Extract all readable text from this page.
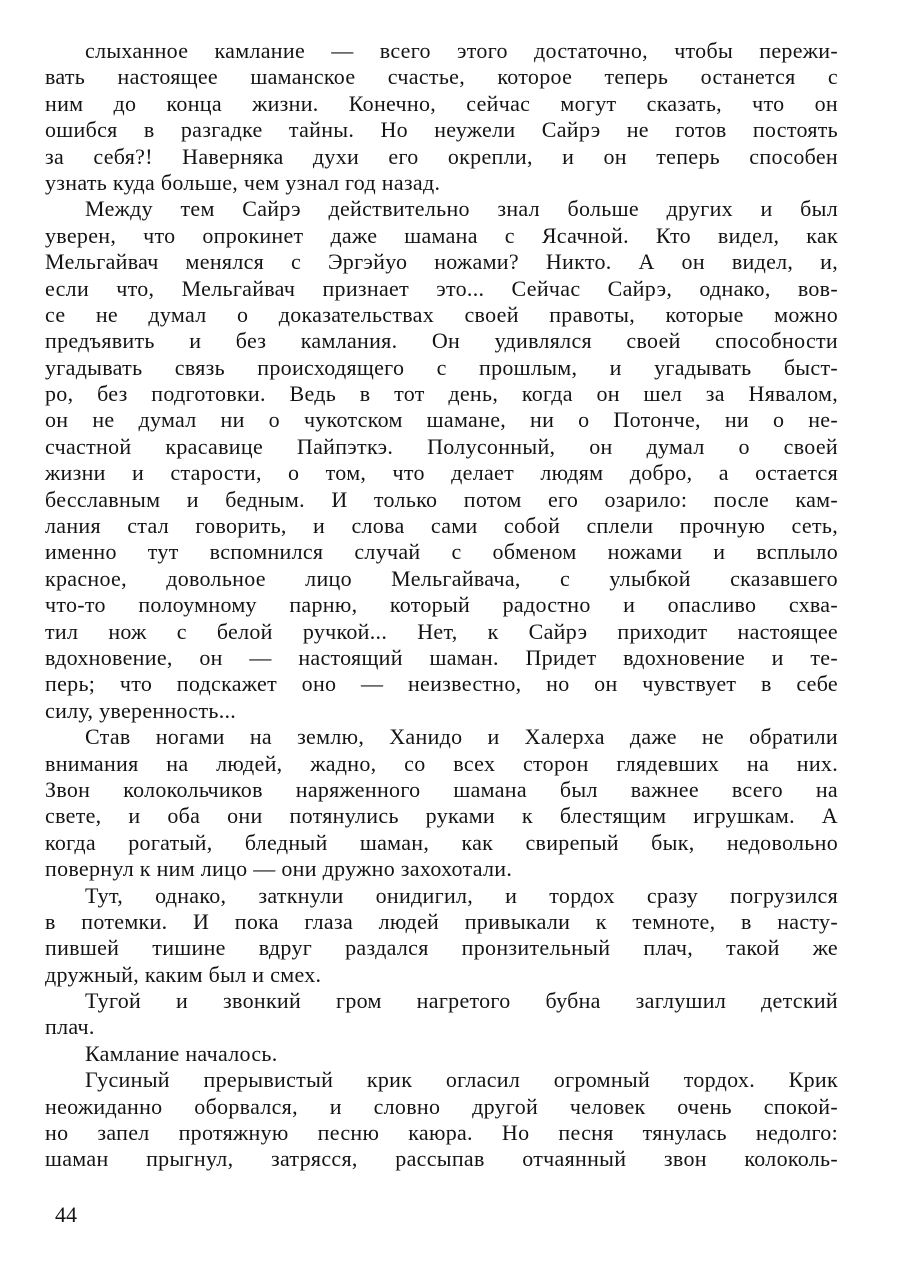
слыханное камлание — всего этого достаточно, чтобы пережи-
вать настоящее шаманское счастье, которое теперь останется с
ним до конца жизни. Конечно, сейчас могут сказать, что он
ошибся в разгадке тайны. Но неужели Сайрэ не готов постоять
за себя?! Наверняка духи его окрепли, и он теперь способен
узнать куда больше, чем узнал год назад.
Между тем Сайрэ действительно знал больше других и был
уверен, что опрокинет даже шамана с Ясачной. Кто видел, как
Мельгайвач менялся с Эргэйуо ножами? Никто. А он видел, и,
если что, Мельгайвач признает это... Сейчас Сайрэ, однако, вов-
се не думал о доказательствах своей правоты, которые можно
предъявить и без камлания. Он удивлялся своей способности
угадывать связь происходящего с прошлым, и угадывать быст-
ро, без подготовки. Ведь в тот день, когда он шел за Нявалом,
он не думал ни о чукотском шамане, ни о Потонче, ни о не-
счастной красавице Пайпэткэ. Полусонный, он думал о своей
жизни и старости, о том, что делает людям добро, а остается
бесславным и бедным. И только потом его озарило: после кам-
лания стал говорить, и слова сами собой сплели прочную сеть,
именно тут вспомнился случай с обменом ножами и всплыло
красное, довольное лицо Мельгайвача, с улыбкой сказавшего
что-то полоумному парню, который радостно и опасливо схва-
тил нож с белой ручкой... Нет, к Сайрэ приходит настоящее
вдохновение, он — настоящий шаман. Придет вдохновение и те-
перь; что подскажет оно — неизвестно, но он чувствует в себе
силу, уверенность...
Став ногами на землю, Ханидо и Халерха даже не обратили
внимания на людей, жадно, со всех сторон глядевших на них.
Звон колокольчиков наряженного шамана был важнее всего на
свете, и оба они потянулись руками к блестящим игрушкам. А
когда рогатый, бледный шаман, как свирепый бык, недовольно
повернул к ним лицо — они дружно захохотали.
Тут, однако, заткнули онидигил, и тордох сразу погрузился
в потемки. И пока глаза людей привыкали к темноте, в насту-
пившей тишине вдруг раздался пронзительный плач, такой же
дружный, каким был и смех.
Тугой и звонкий гром нагретого бубна заглушил детский
плач.
Камлание началось.
Гусиный прерывистый крик огласил огромный тордох. Крик
неожиданно оборвался, и словно другой человек очень спокой-
но запел протяжную песню каюра. Но песня тянулась недолго:
шаман прыгнул, затрясся, рассыпав отчаянный звон колоколь-
44
